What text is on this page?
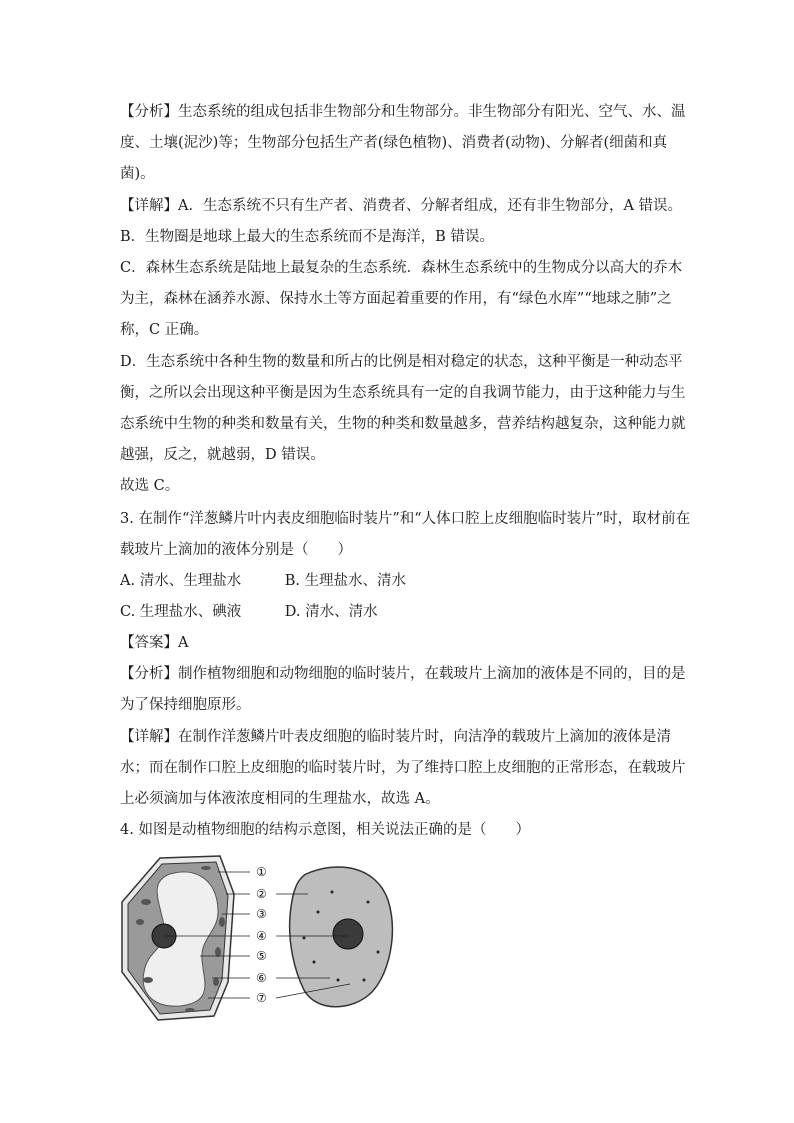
【分析】生态系统的组成包括非生物部分和生物部分。非生物部分有阳光、空气、水、温
度、土壤(泥沙)等；生物部分包括生产者(绿色植物)、消费者(动物)、分解者(细菌和真
菌)。
【详解】A．生态系统不只有生产者、消费者、分解者组成，还有非生物部分，A 错误。
B．生物圈是地球上最大的生态系统而不是海洋，B 错误。
C．森林生态系统是陆地上最复杂的生态系统．森林生态系统中的生物成分以高大的乔木
为主，森林在涵养水源、保持水土等方面起着重要的作用，有“绿色水库”“地球之肺”之
称，C 正确。
D．生态系统中各种生物的数量和所占的比例是相对稳定的状态，这种平衡是一种动态平
衡，之所以会出现这种平衡是因为生态系统具有一定的自我调节能力，由于这种能力与生
态系统中生物的种类和数量有关，生物的种类和数量越多，营养结构越复杂，这种能力就
越强，反之，就越弱，D 错误。
故选 C。
3. 在制作“洋葱鳞片叶内表皮细胞临时装片”和“人体口腔上皮细胞临时装片”时，取材前在
载玻片上滴加的液体分别是（　　）
A. 清水、生理盐水　　　B. 生理盐水、清水
C. 生理盐水、碘液　　　D. 清水、清水
【答案】A
【分析】制作植物细胞和动物细胞的临时装片，在载玻片上滴加的液体是不同的，目的是
为了保持细胞原形。
【详解】在制作洋葱鳞片叶表皮细胞的临时装片时，向洁净的载玻片上滴加的液体是清
水；而在制作口腔上皮细胞的临时装片时，为了维持口腔上皮细胞的正常形态，在载玻片
上必须滴加与体液浓度相同的生理盐水，故选 A。
4. 如图是动植物细胞的结构示意图，相关说法正确的是（　　）
①
②
③
④
⑤
⑥
⑦
